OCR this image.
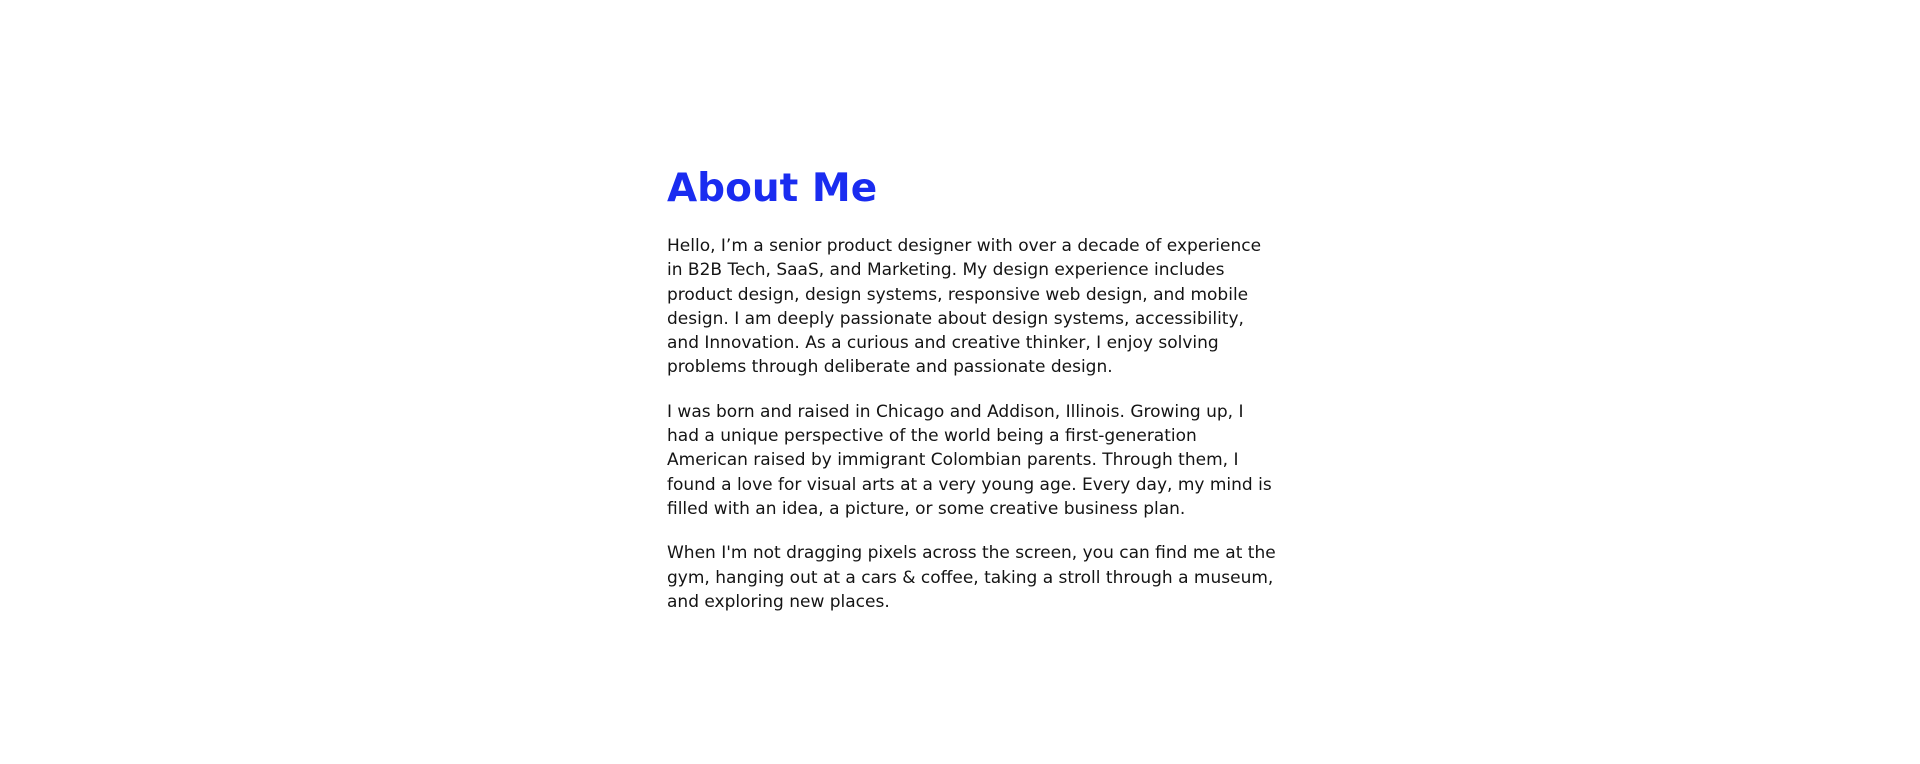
About Me

Hello, I’m a senior product designer with over a decade of experience in B2B Tech, SaaS, and Marketing. My design experience includes product design, design systems, responsive web design, and mobile design. I am deeply passionate about design systems, accessibility, and Innovation. As a curious and creative thinker, I enjoy solving problems through deliberate and passionate design.

I was born and raised in Chicago and Addison, Illinois. Growing up, I had a unique perspective of the world being a first-generation American raised by immigrant Colombian parents. Through them, I found a love for visual arts at a very young age. Every day, my mind is filled with an idea, a picture, or some creative business plan.

When I'm not dragging pixels across the screen, you can find me at the gym, hanging out at a cars & coffee, taking a stroll through a museum, and exploring new places.
